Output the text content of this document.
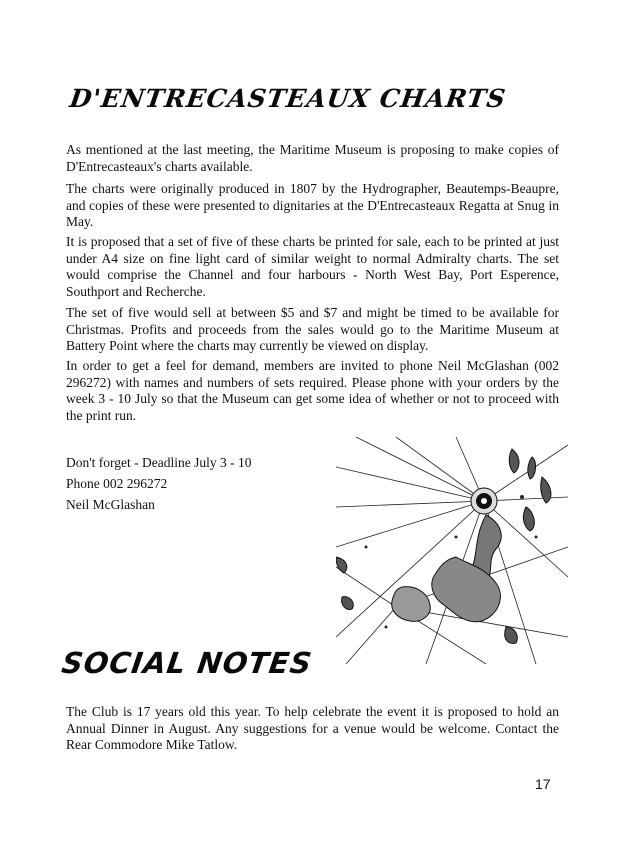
D'ENTRECASTEAUX CHARTS

As mentioned at the last meeting, the Maritime Museum is proposing to make copies of D'Entrecasteaux's charts available.

The charts were originally produced in 1807 by the Hydrographer, Beautemps-Beaupre, and copies of these were presented to dignitaries at the D'Entrecasteaux Regatta at Snug in May.

It is proposed that a set of five of these charts be printed for sale, each to be printed at just under A4 size on fine light card of similar weight to normal Admiralty charts. The set would comprise the Channel and four harbours - North West Bay, Port Esperence, Southport and Recherche.

The set of five would sell at between $5 and $7 and might be timed to be available for Christmas. Profits and proceeds from the sales would go to the Maritime Museum at Battery Point where the charts may currently be viewed on display.

In order to get a feel for demand, members are invited to phone Neil McGlashan (002 296272) with names and numbers of sets required. Please phone with your orders by the week 3 - 10 July so that the Museum can get some idea of whether or not to proceed with the print run.

Don't forget - Deadline July 3 - 10
Phone 002 296272
Neil McGlashan
SOCIAL NOTES

The Club is 17 years old this year. To help celebrate the event it is proposed to hold an Annual Dinner in August. Any suggestions for a venue would be welcome. Contact the Rear Commodore Mike Tatlow.

17
